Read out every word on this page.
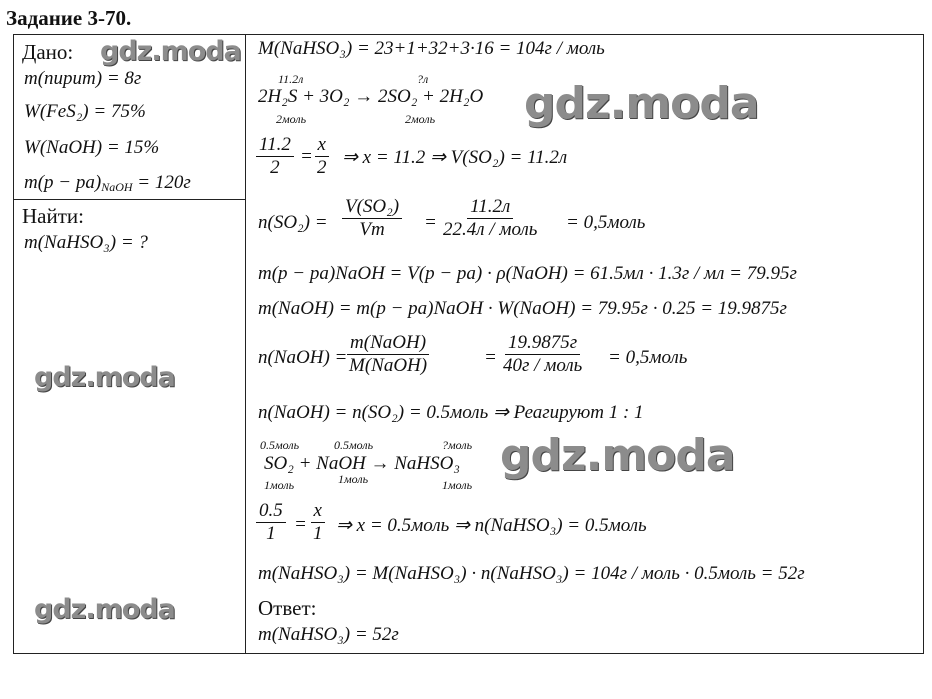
Задание 3-70.
Дано:
m(пирит) = 8г
W(FeS₂) = 75%
W(NaOH) = 15%
$m(p - pa)_{NaOH} = 120г$
Найти:
m(NaHSO₃) = ?
M(NaHSO₃) = 23+1+32+3·16 = 104г / моль
11.2л	?л
2H₂S + 3O₂ → 2SO₂ + 2H₂O
2моль	2моль
$\frac{11.2}{2} = \frac{x}{2}$ ⇒ x = 11.2 ⇒ V(SO₂) = 11.2л
$n(SO_2) = \frac{\text{V(SO₂)}}{Vm}$ =
11.2л
22.4л / моль = 0,5моль
m(p − pa)NaOH = V(p − pa) · ρ(NaOH) = 61.5мл · 1.3г / мл = 79.95г
m(NaOH) = m(p − pa)NaOH · W(NaOH) = 79.95г · 0.25 = 19.9875г
n(NaOH) =
m(NaOH)
M(NaOH)	=
19.9875г
40г / моль = 0,5моль
n(NaOH) = n(SO₂) = 0.5моль ⇒ Реагируют 1 : 1
0.5моль	0.5моль	?моль
SO₂ + NaOH → NaHSO₃
1моль	1моль	1моль
$\frac{0.5}{1} = \frac{x}{1}$ ⇒ x = 0.5моль ⇒ n(NaHSO₃) = 0.5моль
m(NaHSO₃) = M(NaHSO₃) · n(NaHSO₃) = 104г / моль · 0.5моль = 52г
Ответ:
m(NaHSO₃) = 52г
gdz.moda
gdz.moda
gdz.moda
gdz.moda
gdz.moda
